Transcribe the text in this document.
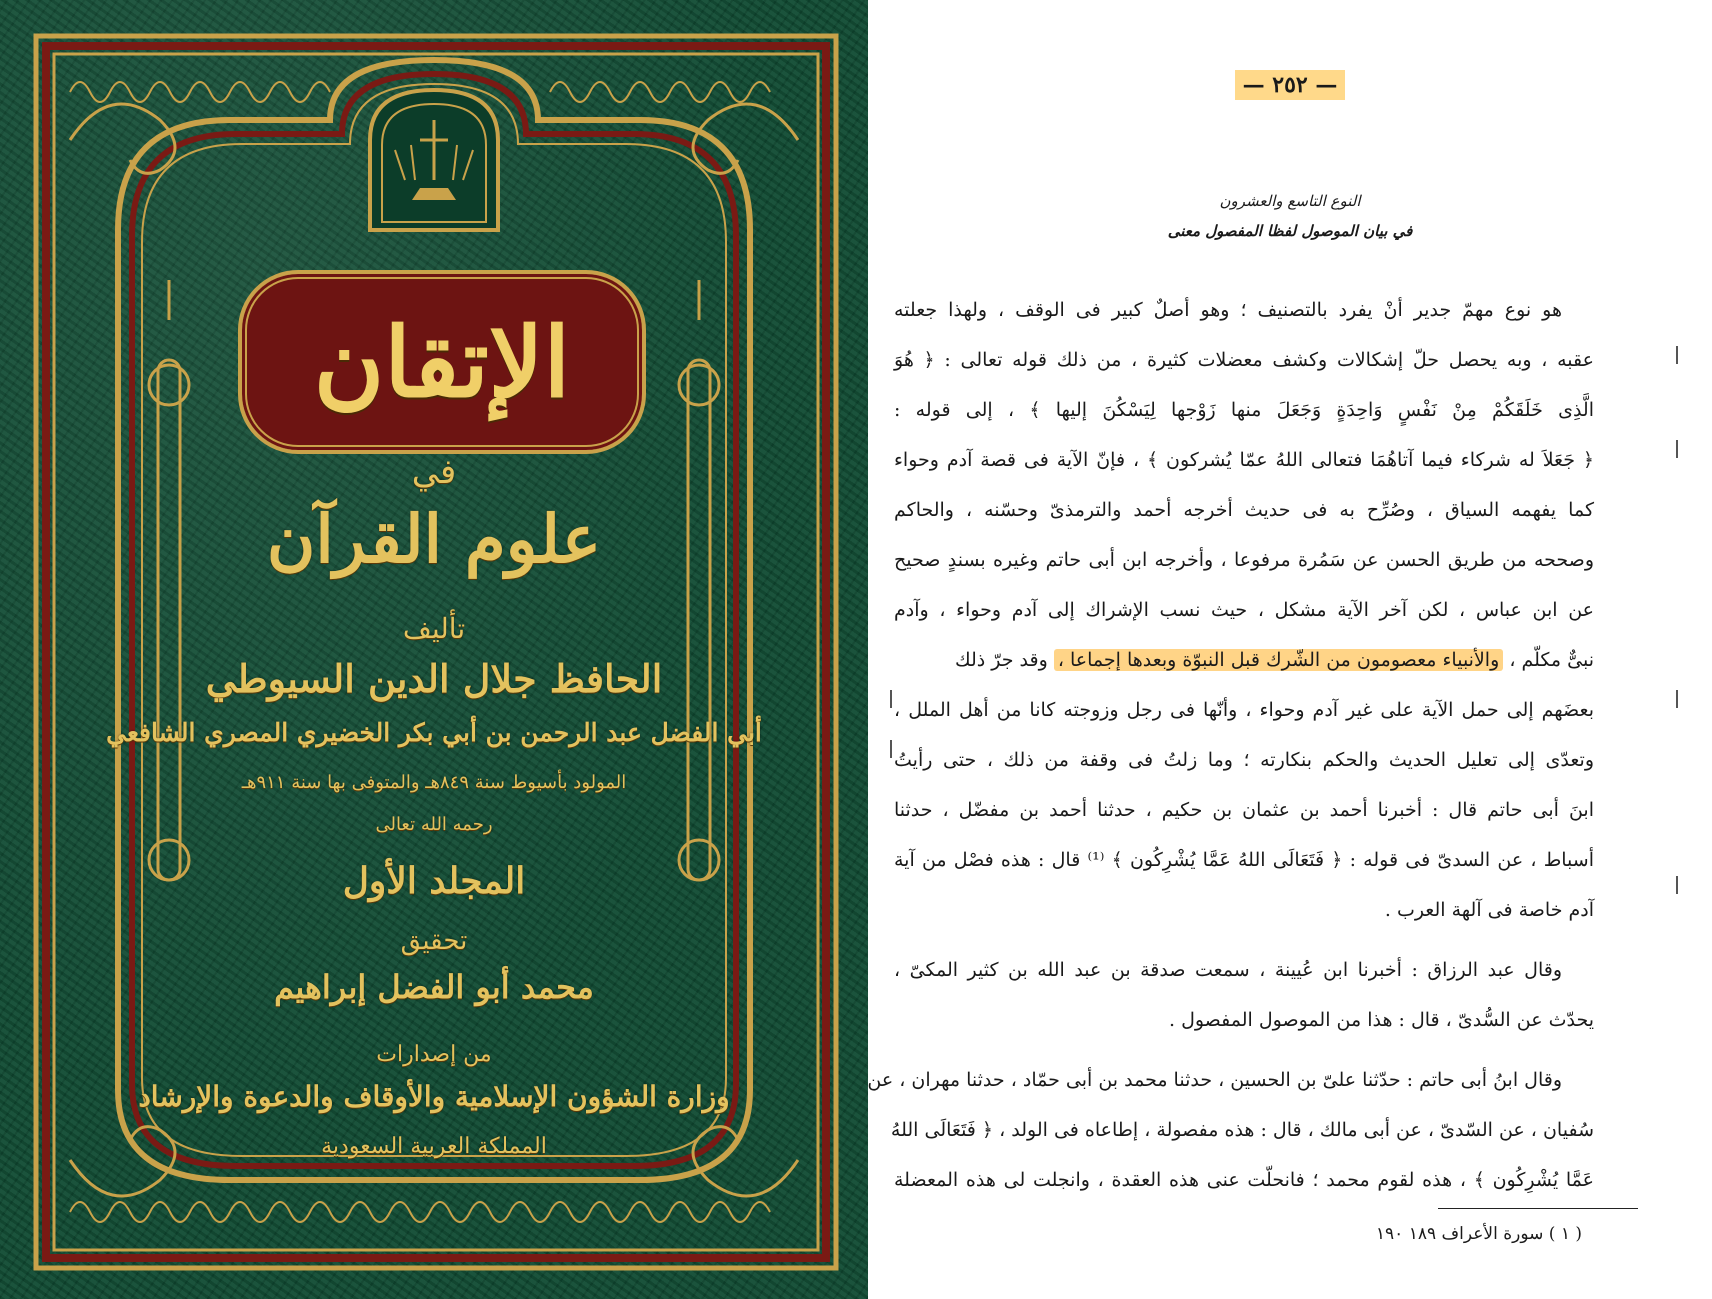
الإتقان
في
علوم القرآن
تأليف
الحافظ جلال الدين السيوطي
أبي الفضل عبد الرحمن بن أبي بكر الخضيري المصري الشافعي
المولود بأسيوط سنة ٨٤٩هـ والمتوفى بها سنة ٩١١هـ
رحمه الله تعالى
المجلد الأول
تحقيق
محمد أبو الفضل إبراهيم
من إصدارات
وزارة الشؤون الإسلامية والأوقاف والدعوة والإرشاد
المملكة العربية السعودية
— ٢٥٢ —
النوع التاسع والعشرون
في بيان الموصول لفظا المفصول معنى
هو نوع مهمّ جدير أنْ يفرد بالتصنيف ؛ وهو أصلٌ كبير فى الوقف ، ولهذا جعلته
عقبه ، وبه يحصل حلّ إشكالات وكشف معضلات كثيرة ، من ذلك قوله تعالى : ﴿ هُوَ
الَّذِى خَلَقَكُمْ مِنْ نَفْسٍ وَاحِدَةٍ وَجَعَلَ منها زَوْجها لِيَسْكُنَ إليها ﴾ ، إلى قوله :
﴿ جَعَلاَ له شركاء فيما آتاهُمَا فتعالى اللهُ عمّا يُشركون ﴾ ، فإنّ الآية فى قصة آدم وحواء
كما يفهمه السياق ، وصُرِّح به فى حديث أخرجه أحمد والترمذىّ وحسّنه ، والحاكم
وصححه من طريق الحسن عن سَمُرة مرفوعا ، وأخرجه ابن أبى حاتم وغيره بسندٍ صحيح
عن ابن عباس ، لكن آخر الآية مشكل ، حيث نسب الإشراك إلى آدم وحواء ، وآدم
نبىٌّ مكلّم ، والأنبياء معصومون من الشّرك قبل النبوّة وبعدها إجماعا ، وقد جرّ ذلك
بعضَهم إلى حمل الآية على غير آدم وحواء ، وأنّها فى رجل وزوجته كانا من أهل الملل ،
وتعدّى إلى تعليل الحديث والحكم بنكارته ؛ وما زلتُ فى وقفة من ذلك ، حتى رأيتُ
ابنَ أبى حاتم قال : أخبرنا أحمد بن عثمان بن حكيم ، حدثنا أحمد بن مفضّل ، حدثنا
أسباط ، عن السدىّ فى قوله : ﴿ فَتَعَالَى اللهُ عَمَّا يُشْرِكُون ﴾ ⁽¹⁾ قال : هذه فصْل من آية
آدم خاصة فى آلهة العرب .
وقال عبد الرزاق : أخبرنا ابن عُيينة ، سمعت صدقة بن عبد الله بن كثير المكىّ ،
يحدّث عن السُّدىّ ، قال : هذا من الموصول المفصول .
وقال ابنُ أبى حاتم : حدّثنا علىّ بن الحسين ، حدثنا محمد بن أبى حمّاد ، حدثنا مهران ، عن
سُفيان ، عن السّدىّ ، عن أبى مالك ، قال : هذه مفصولة ، إطاعاه فى الولد ، ﴿ فَتَعَالَى اللهُ
عَمَّا يُشْرِكُون ﴾ ، هذه لقوم محمد ؛ فانحلّت عنى هذه العقدة ، وانجلت لى هذه المعضلة
( ١ ) سورة الأعراف ١٨٩ ١٩٠
